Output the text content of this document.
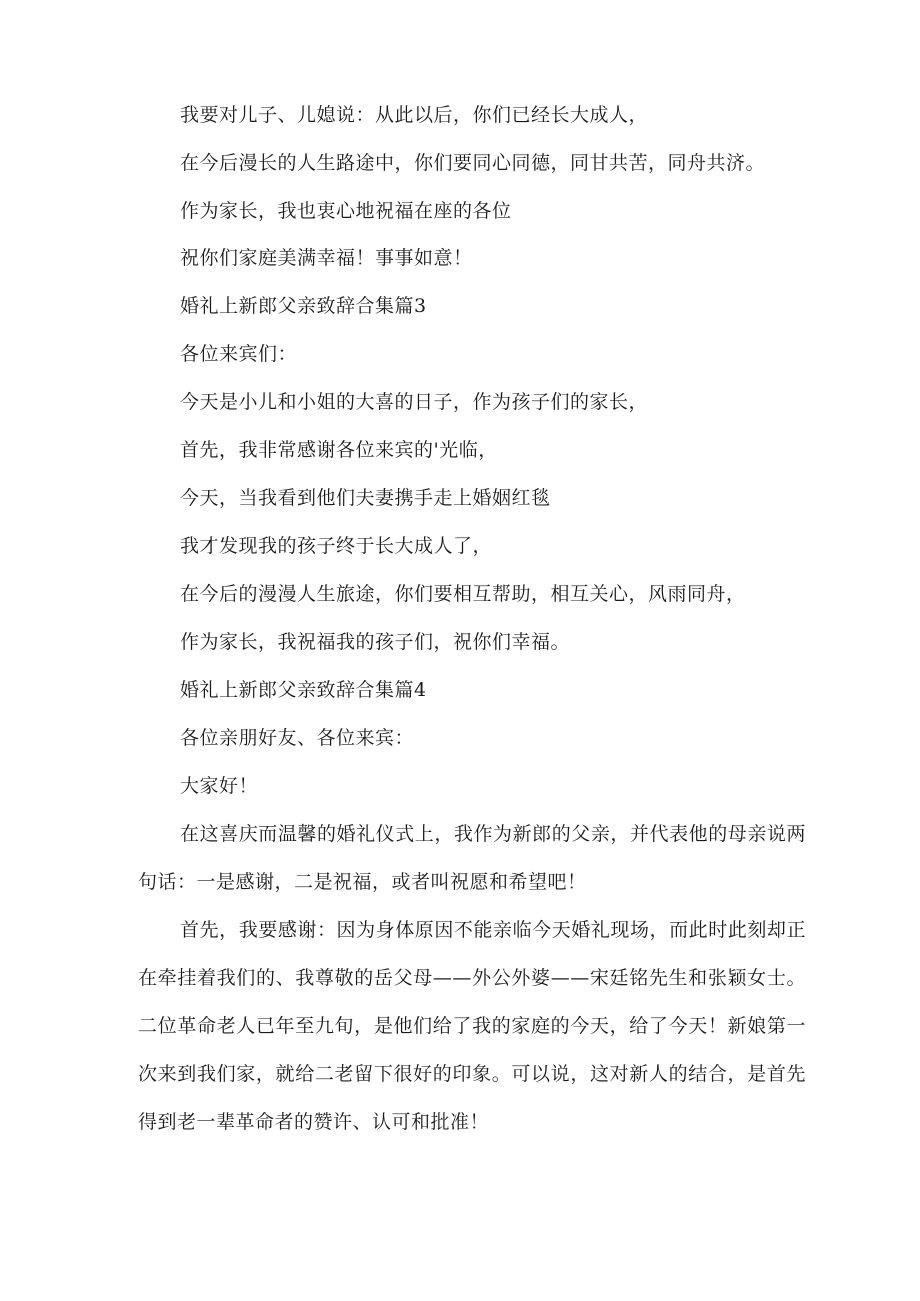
我要对儿子、儿媳说：从此以后，你们已经长大成人，
在今后漫长的人生路途中，你们要同心同德，同甘共苦，同舟共济。
作为家长，我也衷心地祝福在座的各位
祝你们家庭美满幸福！事事如意！
婚礼上新郎父亲致辞合集篇3
各位来宾们：
今天是小儿和小姐的大喜的日子，作为孩子们的家长，
首先，我非常感谢各位来宾的'光临，
今天，当我看到他们夫妻携手走上婚姻红毯
我才发现我的孩子终于长大成人了，
在今后的漫漫人生旅途，你们要相互帮助，相互关心，风雨同舟，
作为家长，我祝福我的孩子们，祝你们幸福。
婚礼上新郎父亲致辞合集篇4
各位亲朋好友、各位来宾：
大家好！
在这喜庆而温馨的婚礼仪式上，我作为新郎的父亲，并代表他的母亲说两句话：一是感谢，二是祝福，或者叫祝愿和希望吧！
首先，我要感谢：因为身体原因不能亲临今天婚礼现场，而此时此刻却正在牵挂着我们的、我尊敬的岳父母——外公外婆——宋廷铭先生和张颖女士。二位革命老人已年至九旬，是他们给了我的家庭的今天，给了今天！新娘第一次来到我们家，就给二老留下很好的印象。可以说，这对新人的结合，是首先得到老一辈革命者的赞许、认可和批准！
